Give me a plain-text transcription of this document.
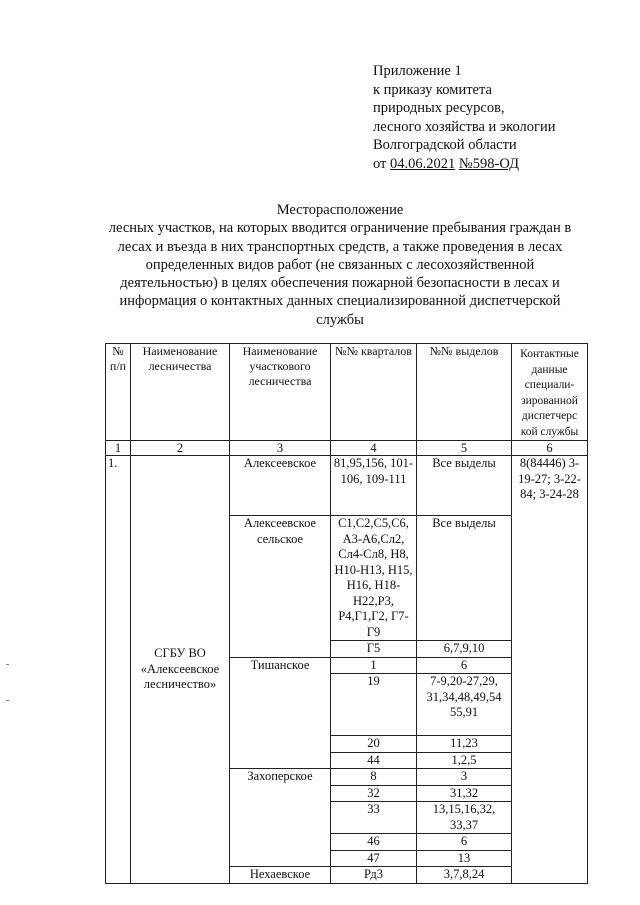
Приложение 1
к приказу комитета
природных ресурсов,
лесного хозяйства и экологии
Волгоградской области
от 04.06.2021 №598-ОД
Месторасположение
лесных участков, на которых вводится ограничение пребывания граждан в лесах и въезда в них транспортных средств, а также проведения в лесах определенных видов работ (не связанных с лесохозяйственной деятельностью) в целях обеспечения пожарной безопасности в лесах и информация о контактных данных специализированной диспетчерской службы
№ п/п	Наименование лесничества	Наименование участкового лесничества	№№ кварталов	№№ выделов	Контактные данные специали-зированной диспетчерс кой службы
1	2	3	4	5	6
1.	СГБУ ВО «Алексеевское лесничество»	Алексеевское	81,95,156, 101-106, 109-111	Все выделы	8(84446) 3-19-27; 3-22-84; 3-24-28
		Алексеевское сельское	С1,С2,С5,С6, А3-А6,Сл2, Сл4-Сл8, Н8, Н10-Н13, Н15, Н16, Н18-Н22,Р3, Р4,Г1,Г2, Г7-Г9	Все выделы	
			Г5	6,7,9,10	
		Тишанское	1	6	
			19	7-9,20-27,29, 31,34,48,49,54 55,91	
			20	11,23	
			44	1,2,5	
		Захоперское	8	3	
			32	31,32	
			33	13,15,16,32, 33,37	
			46	6	
			47	13	
		Нехаевское	Рд3	3,7,8,24	
